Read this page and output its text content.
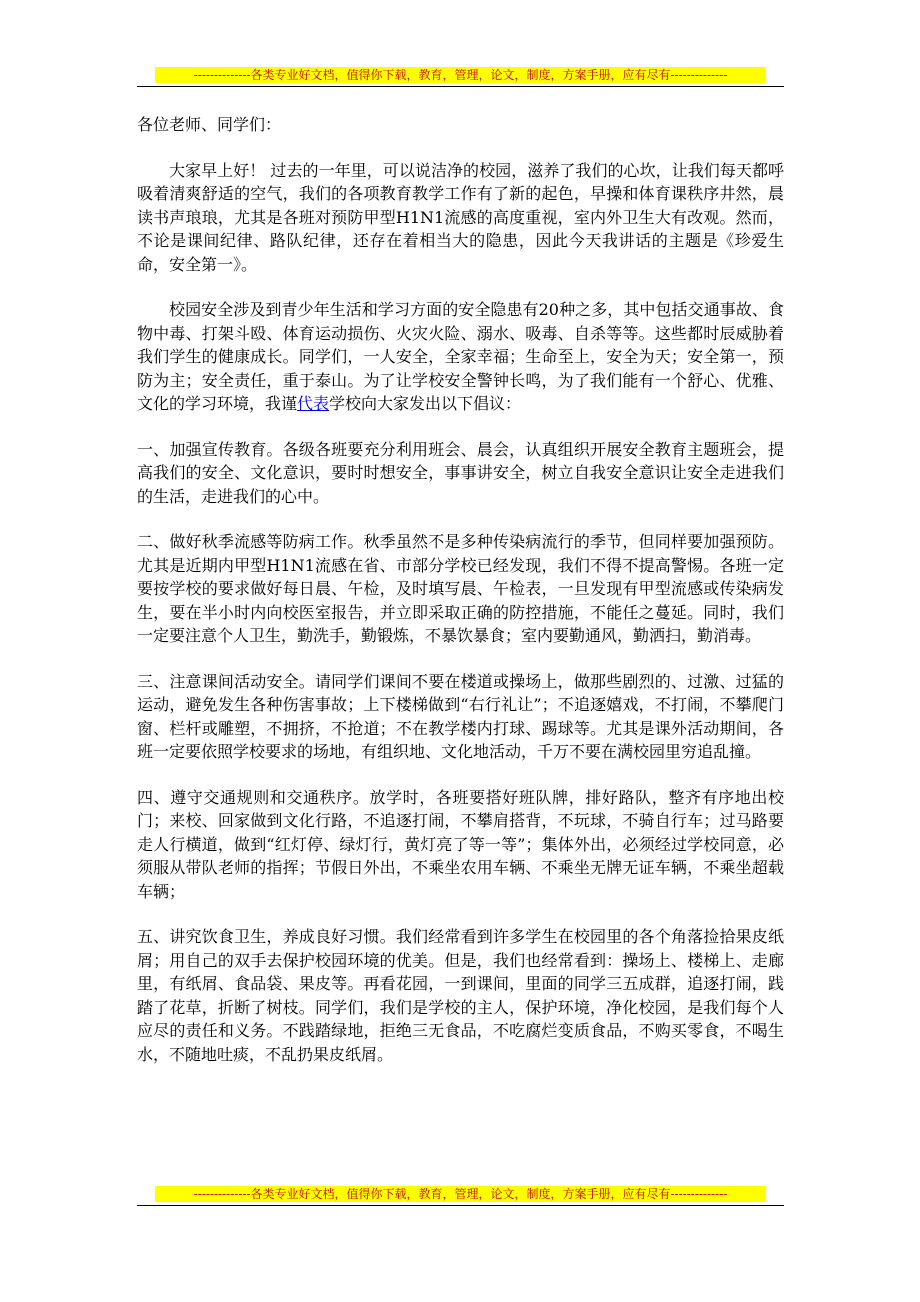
--------------各类专业好文档，值得你下载，教育，管理，论文，制度，方案手册，应有尽有--------------

各位老师、同学们：

大家早上好！ 过去的一年里，可以说洁净的校园，滋养了我们的心坎，让我们每天都呼吸着清爽舒适的空气，我们的各项教育教学工作有了新的起色，早操和体育课秩序井然，晨读书声琅琅，尤其是各班对预防甲型H1N1流感的高度重视，室内外卫生大有改观。然而，不论是课间纪律、路队纪律，还存在着相当大的隐患，因此今天我讲话的主题是《珍爱生命，安全第一》。

校园安全涉及到青少年生活和学习方面的安全隐患有20种之多，其中包括交通事故、食物中毒、打架斗殴、体育运动损伤、火灾火险、溺水、吸毒、自杀等等。这些都时辰威胁着我们学生的健康成长。同学们，一人安全，全家幸福；生命至上，安全为天；安全第一，预防为主；安全责任，重于泰山。为了让学校安全警钟长鸣，为了我们能有一个舒心、优雅、文化的学习环境，我谨代表学校向大家发出以下倡议：

一、加强宣传教育。各级各班要充分利用班会、晨会，认真组织开展安全教育主题班会，提高我们的安全、文化意识，要时时想安全，事事讲安全，树立自我安全意识让安全走进我们的生活，走进我们的心中。

二、做好秋季流感等防病工作。秋季虽然不是多种传染病流行的季节，但同样要加强预防。尤其是近期内甲型H1N1流感在省、市部分学校已经发现，我们不得不提高警惕。各班一定要按学校的要求做好每日晨、午检，及时填写晨、午检表，一旦发现有甲型流感或传染病发生，要在半小时内向校医室报告，并立即采取正确的防控措施，不能任之蔓延。同时，我们一定要注意个人卫生，勤洗手，勤锻炼，不暴饮暴食；室内要勤通风，勤洒扫，勤消毒。

三、注意课间活动安全。请同学们课间不要在楼道或操场上，做那些剧烈的、过激、过猛的运动，避免发生各种伤害事故；上下楼梯做到“右行礼让”；不追逐嬉戏，不打闹，不攀爬门窗、栏杆或雕塑，不拥挤，不抢道；不在教学楼内打球、踢球等。尤其是课外活动期间，各班一定要依照学校要求的场地，有组织地、文化地活动，千万不要在满校园里穷追乱撞。

四、遵守交通规则和交通秩序。放学时，各班要搭好班队牌，排好路队，整齐有序地出校门；来校、回家做到文化行路，不追逐打闹，不攀肩搭背，不玩球，不骑自行车；过马路要走人行横道，做到“红灯停、绿灯行，黄灯亮了等一等”；集体外出，必须经过学校同意，必须服从带队老师的指挥；节假日外出，不乘坐农用车辆、不乘坐无牌无证车辆，不乘坐超载车辆；

五、讲究饮食卫生，养成良好习惯。我们经常看到许多学生在校园里的各个角落捡拾果皮纸屑；用自己的双手去保护校园环境的优美。但是，我们也经常看到：操场上、楼梯上、走廊里，有纸屑、食品袋、果皮等。再看花园，一到课间，里面的同学三五成群，追逐打闹，践踏了花草，折断了树枝。同学们，我们是学校的主人，保护环境，净化校园，是我们每个人应尽的责任和义务。不践踏绿地，拒绝三无食品，不吃腐烂变质食品，不购买零食，不喝生水，不随地吐痰，不乱扔果皮纸屑。

--------------各类专业好文档，值得你下载，教育，管理，论文，制度，方案手册，应有尽有--------------
